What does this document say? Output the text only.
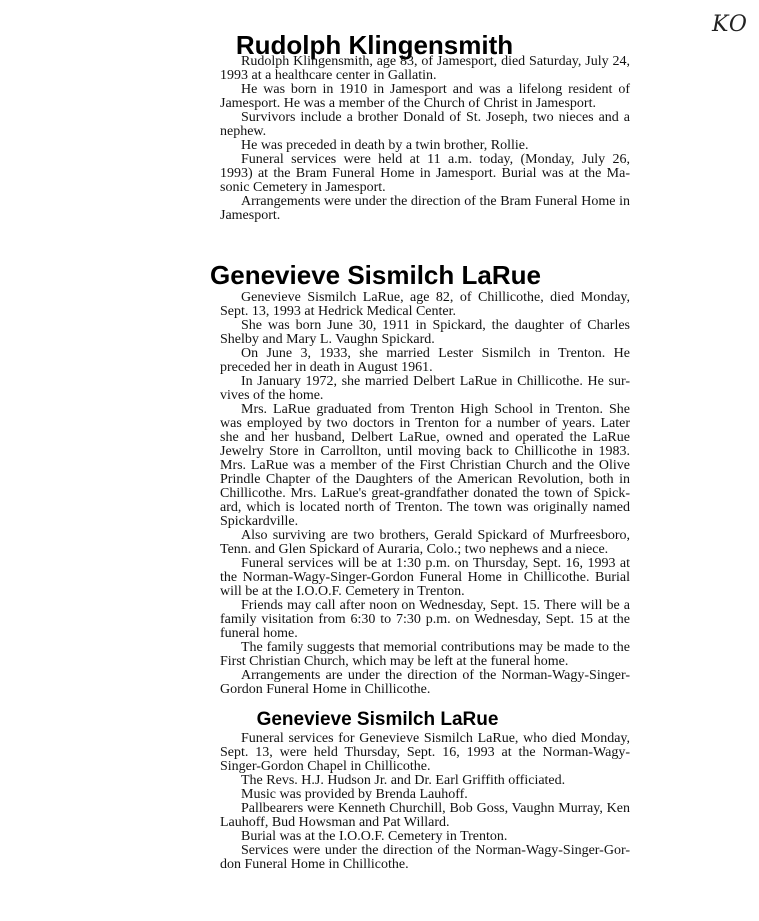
KO
Rudolph Klingensmith
Rudolph Klingensmith, age 83, of Jamesport, died Saturday, July 24,
1993 at a healthcare center in Gallatin.
He was born in 1910 in Jamesport and was a lifelong resident of
Jamesport. He was a member of the Church of Christ in Jamesport.
Survivors include a brother Donald of St. Joseph, two nieces and a
nephew.
He was preceded in death by a twin brother, Rollie.
Funeral services were held at 11 a.m. today, (Monday, July 26,
1993) at the Bram Funeral Home in Jamesport. Burial was at the Ma-
sonic Cemetery in Jamesport.
Arrangements were under the direction of the Bram Funeral Home in
Jamesport.
Genevieve Sismilch LaRue
Genevieve Sismilch LaRue, age 82, of Chillicothe, died Monday,
Sept. 13, 1993 at Hedrick Medical Center.
She was born June 30, 1911 in Spickard, the daughter of Charles
Shelby and Mary L. Vaughn Spickard.
On June 3, 1933, she married Lester Sismilch in Trenton. He
preceded her in death in August 1961.
In January 1972, she married Delbert LaRue in Chillicothe. He sur-
vives of the home.
Mrs. LaRue graduated from Trenton High School in Trenton. She
was employed by two doctors in Trenton for a number of years. Later
she and her husband, Delbert LaRue, owned and operated the LaRue
Jewelry Store in Carrollton, until moving back to Chillicothe in 1983.
Mrs. LaRue was a member of the First Christian Church and the Olive
Prindle Chapter of the Daughters of the American Revolution, both in
Chillicothe. Mrs. LaRue's great-grandfather donated the town of Spick-
ard, which is located north of Trenton. The town was originally named
Spickardville.
Also surviving are two brothers, Gerald Spickard of Murfreesboro,
Tenn. and Glen Spickard of Auraria, Colo.; two nephews and a niece.
Funeral services will be at 1:30 p.m. on Thursday, Sept. 16, 1993 at
the Norman-Wagy-Singer-Gordon Funeral Home in Chillicothe. Burial
will be at the I.O.O.F. Cemetery in Trenton.
Friends may call after noon on Wednesday, Sept. 15. There will be a
family visitation from 6:30 to 7:30 p.m. on Wednesday, Sept. 15 at the
funeral home.
The family suggests that memorial contributions may be made to the
First Christian Church, which may be left at the funeral home.
Arrangements are under the direction of the Norman-Wagy-Singer-
Gordon Funeral Home in Chillicothe.
Genevieve Sismilch LaRue
Funeral services for Genevieve Sismilch LaRue, who died Monday,
Sept. 13, were held Thursday, Sept. 16, 1993 at the Norman-Wagy-
Singer-Gordon Chapel in Chillicothe.
The Revs. H.J. Hudson Jr. and Dr. Earl Griffith officiated.
Music was provided by Brenda Lauhoff.
Pallbearers were Kenneth Churchill, Bob Goss, Vaughn Murray, Ken
Lauhoff, Bud Howsman and Pat Willard.
Burial was at the I.O.O.F. Cemetery in Trenton.
Services were under the direction of the Norman-Wagy-Singer-Gor-
don Funeral Home in Chillicothe.
